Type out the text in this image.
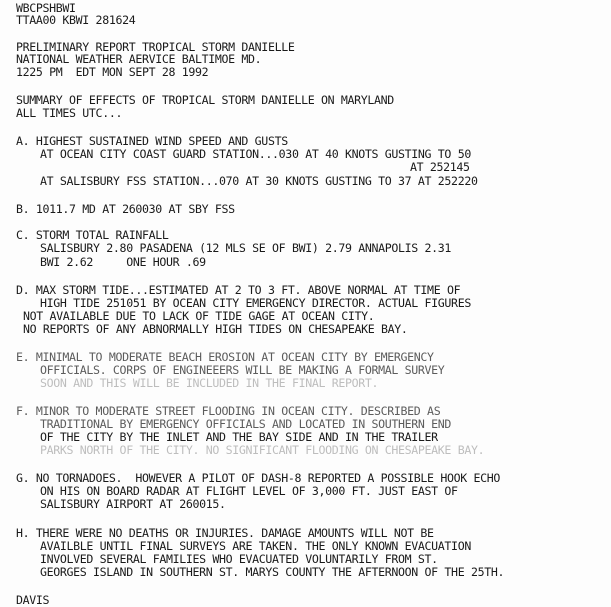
WBCPSHBWI
TTAA00 KBWI 281624
PRELIMINARY REPORT TROPICAL STORM DANIELLE
NATIONAL WEATHER AERVICE BALTIMOE MD.
1225 PM  EDT MON SEPT 28 1992
SUMMARY OF EFFECTS OF TROPICAL STORM DANIELLE ON MARYLAND
ALL TIMES UTC...
A. HIGHEST SUSTAINED WIND SPEED AND GUSTS
AT OCEAN CITY COAST GUARD STATION...030 AT 40 KNOTS GUSTING TO 50
AT 252145
AT SALISBURY FSS STATION...070 AT 30 KNOTS GUSTING TO 37 AT 252220
B. 1011.7 MD AT 260030 AT SBY FSS
C. STORM TOTAL RAINFALL
SALISBURY 2.80 PASADENA (12 MLS SE OF BWI) 2.79 ANNAPOLIS 2.31
BWI 2.62     ONE HOUR .69
D. MAX STORM TIDE...ESTIMATED AT 2 TO 3 FT. ABOVE NORMAL AT TIME OF
HIGH TIDE 251051 BY OCEAN CITY EMERGENCY DIRECTOR. ACTUAL FIGURES
NOT AVAILABLE DUE TO LACK OF TIDE GAGE AT OCEAN CITY.
NO REPORTS OF ANY ABNORMALLY HIGH TIDES ON CHESAPEAKE BAY.
E. MINIMAL TO MODERATE BEACH EROSION AT OCEAN CITY BY EMERGENCY
OFFICIALS. CORPS OF ENGINEEERS WILL BE MAKING A FORMAL SURVEY
SOON AND THIS WILL BE INCLUDED IN THE FINAL REPORT.
F. MINOR TO MODERATE STREET FLOODING IN OCEAN CITY. DESCRIBED AS
TRADITIONAL BY EMERGENCY OFFICIALS AND LOCATED IN SOUTHERN END
OF THE CITY BY THE INLET AND THE BAY SIDE AND IN THE TRAILER
PARKS NORTH OF THE CITY. NO SIGNIFICANT FLOODING ON CHESAPEAKE BAY.
G. NO TORNADOES.  HOWEVER A PILOT OF DASH-8 REPORTED A POSSIBLE HOOK ECHO
ON HIS ON BOARD RADAR AT FLIGHT LEVEL OF 3,000 FT. JUST EAST OF
SALISBURY AIRPORT AT 260015.
H. THERE WERE NO DEATHS OR INJURIES. DAMAGE AMOUNTS WILL NOT BE
AVAILBLE UNTIL FINAL SURVEYS ARE TAKEN. THE ONLY KNOWN EVACUATION
INVOLVED SEVERAL FAMILIES WHO EVACUATED VOLUNTARILY FROM ST.
GEORGES ISLAND IN SOUTHERN ST. MARYS COUNTY THE AFTERNOON OF THE 25TH.
DAVIS
